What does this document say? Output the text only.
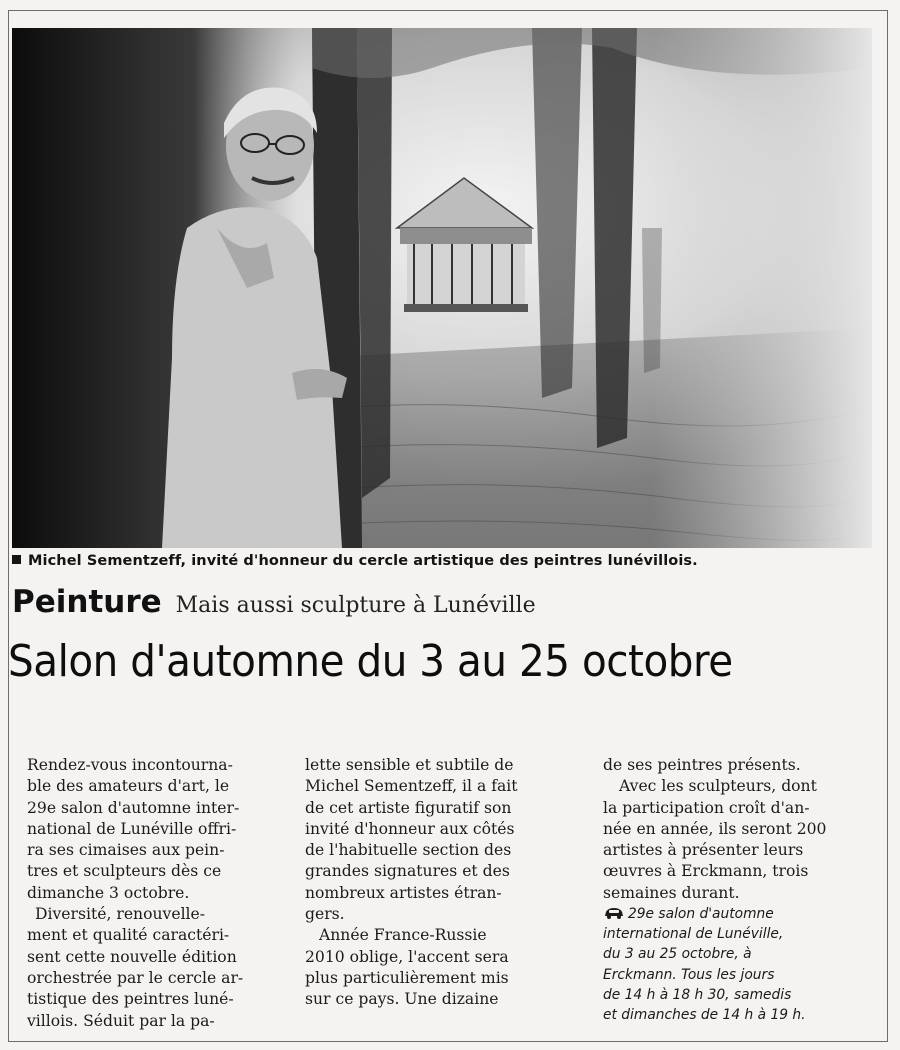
Michel Sementzeff, invité d'honneur du cercle artistique des peintres lunévillois.
Peinture Mais aussi sculpture à Lunéville
Salon d'automne du 3 au 25 octobre
Rendez-vous incontourna-
ble des amateurs d'art, le
29e salon d'automne inter-
national de Lunéville offri-
ra ses cimaises aux pein-
tres et sculpteurs dès ce
dimanche 3 octobre.
Diversité, renouvelle-
ment et qualité caractéri-
sent cette nouvelle édition
orchestrée par le cercle ar-
tistique des peintres luné-
villois. Séduit par la pa-
lette sensible et subtile de
Michel Sementzeff, il a fait
de cet artiste figuratif son
invité d'honneur aux côtés
de l'habituelle section des
grandes signatures et des
nombreux artistes étran-
gers.
Année France-Russie
2010 oblige, l'accent sera
plus particulièrement mis
sur ce pays. Une dizaine
de ses peintres présents.
Avec les sculpteurs, dont
la participation croît d'an-
née en année, ils seront 200
artistes à présenter leurs
œuvres à Erckmann, trois
semaines durant.
29e salon d'automne
international de Lunéville,
du 3 au 25 octobre, à
Erckmann. Tous les jours
de 14 h à 18 h 30, samedis
et dimanches de 14 h à 19 h.
